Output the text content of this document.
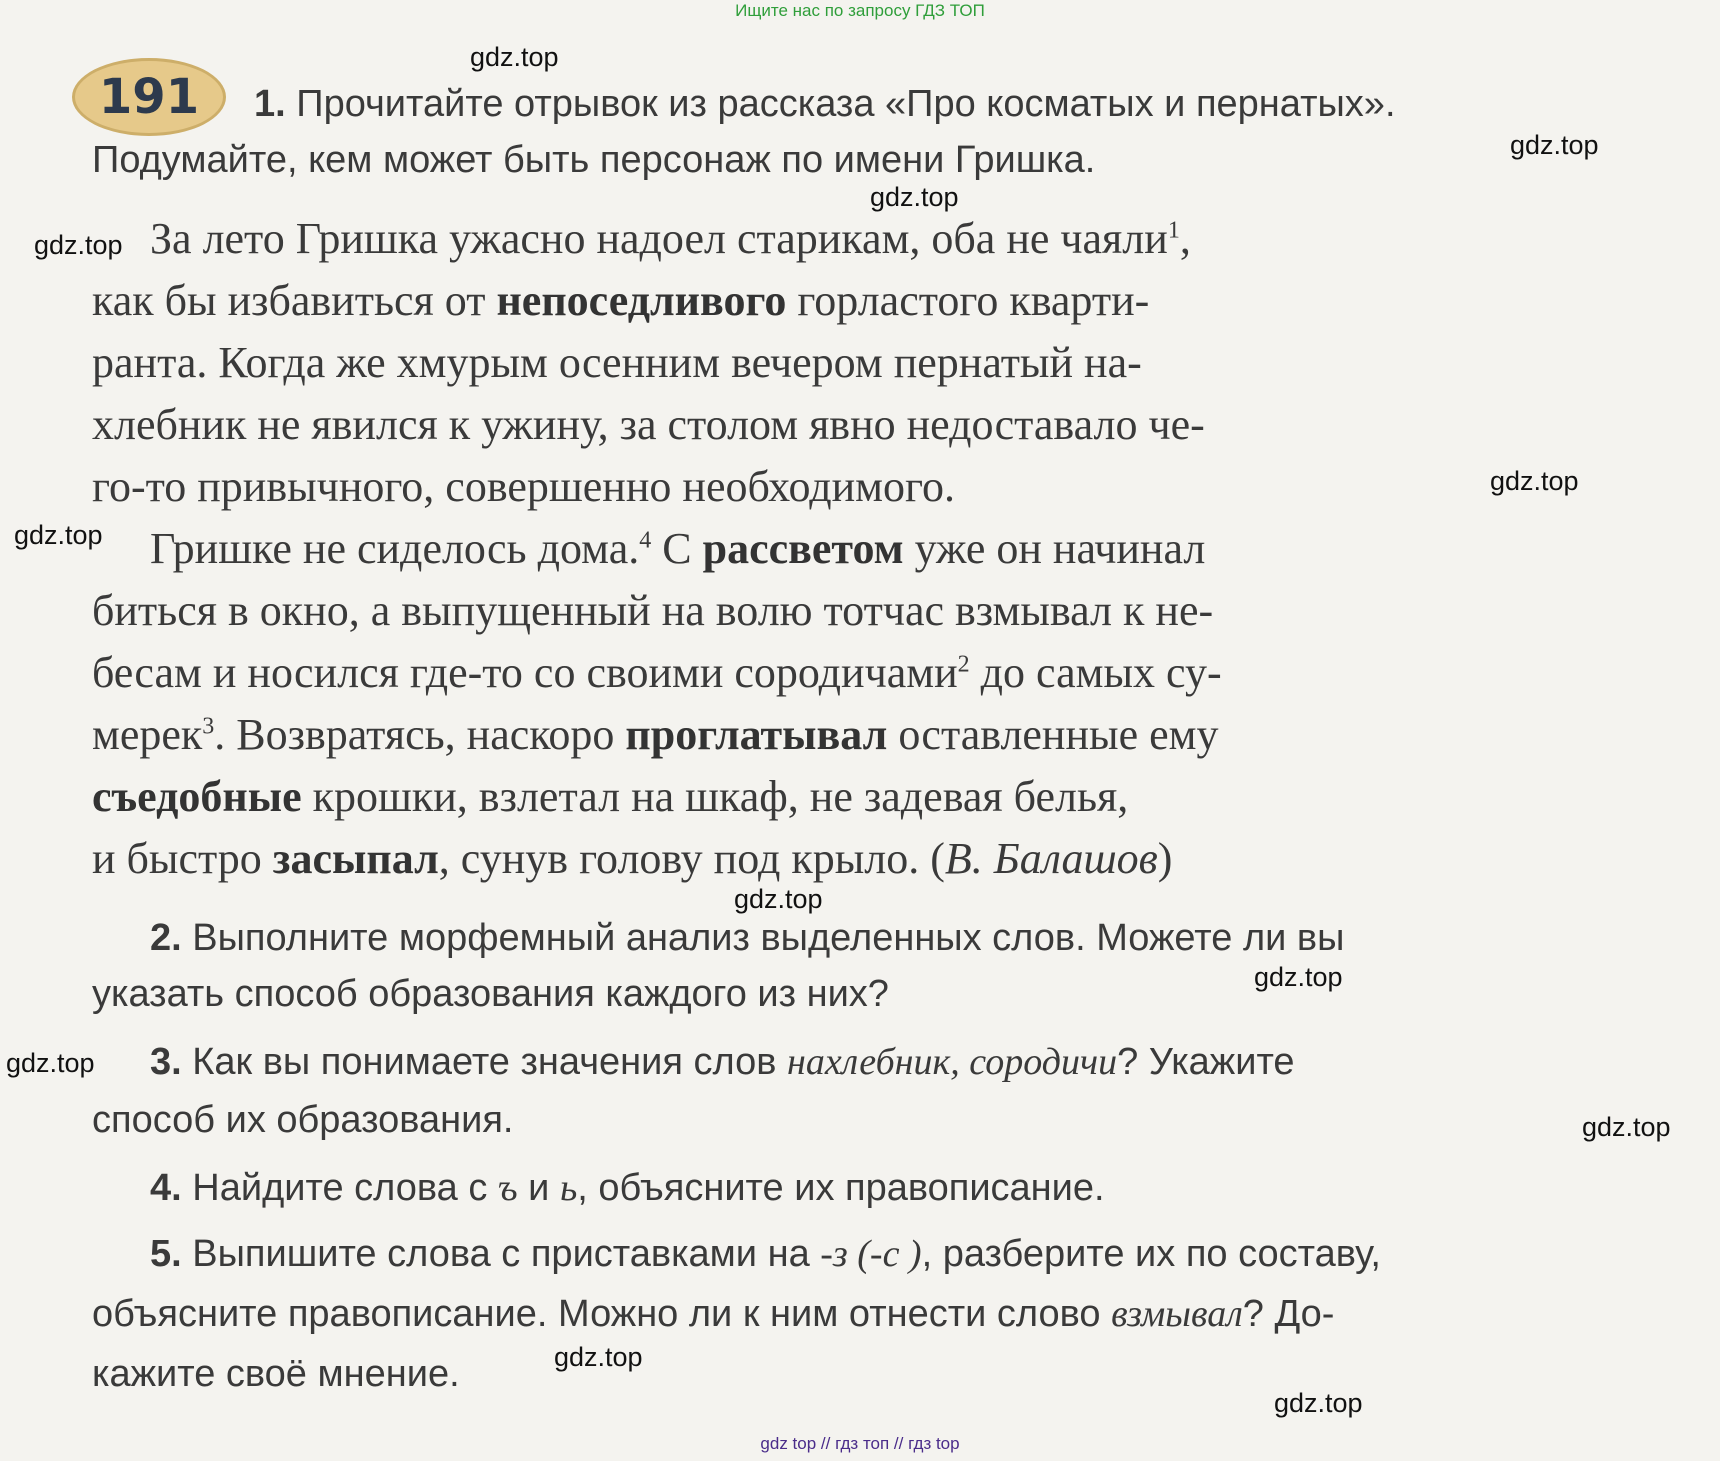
Ищите нас по запросу ГДЗ ТОП
191 1. Прочитайте отрывок из рассказа «Про косматых и пернатых».
Подумайте, кем может быть персонаж по имени Гришка.
За лето Гришка ужасно надоел старикам, оба не чаяли$^1$,
как бы избавиться от непоседливого горластого кварти-
ранта. Когда же хмурым осенним вечером пернатый на-
хлебник не явился к ужину, за столом явно недоставало че-
го-то привычного, совершенно необходимого.
Гришке не сиделось дома.$^4$ С рассветом уже он начинал
биться в окно, а выпущенный на волю тотчас взмывал к не-
бесам и носился где-то со своими сородичами$^2$ до самых су-
мерек$^3$. Возвратясь, наскоро проглатывал оставленные ему
съедобные крошки, взлетал на шкаф, не задевая белья,
и быстро засыпал, сунув голову под крыло. (В. Балашов)
2. Выполните морфемный анализ выделенных слов. Можете ли вы
указать способ образования каждого из них?
3. Как вы понимаете значения слов нахлебник, сородичи? Укажите
способ их образования.
4. Найдите слова с ъ и ь, объясните их правописание.
5. Выпишите слова с приставками на -з (-с ), разберите их по составу,
объясните правописание. Можно ли к ним отнести слово взмывал? До-
кажите своё мнение.
gdz.top
gdz.top
gdz.top
gdz.top
gdz.top
gdz.top
gdz.top
gdz.top
gdz.top
gdz.top
gdz.top
gdz.top
gdz top // гдз топ // гдз top
